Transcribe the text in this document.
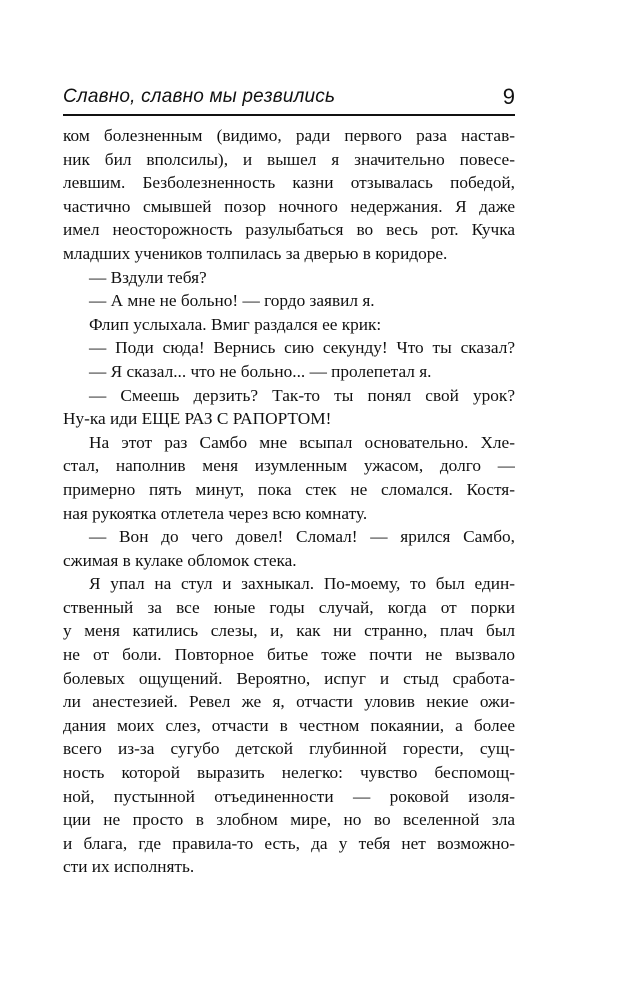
Славно, славно мы резвились	9
ком болезненным (видимо, ради первого раза настав-
ник бил вполсилы), и вышел я значительно повесе-
левшим. Безболезненность казни отзывалась победой,
частично смывшей позор ночного недержания. Я даже
имел неосторожность разулыбаться во весь рот. Кучка
младших учеников толпилась за дверью в коридоре.
— Вздули тебя?
— А мне не больно! — гордо заявил я.
Флип услыхала. Вмиг раздался ее крик:
— Поди сюда! Вернись сию секунду! Что ты сказал?
— Я сказал... что не больно... — пролепетал я.
— Смеешь дерзить? Так-то ты понял свой урок?
Ну-ка иди ЕЩЕ РАЗ С РАПОРТОМ!
На этот раз Самбо мне всыпал основательно. Хле-
стал, наполнив меня изумленным ужасом, долго —
примерно пять минут, пока стек не сломался. Костя-
ная рукоятка отлетела через всю комнату.
— Вон до чего довел! Сломал! — ярился Самбо,
сжимая в кулаке обломок стека.
Я упал на стул и захныкал. По-моему, то был един-
ственный за все юные годы случай, когда от порки
у меня катились слезы, и, как ни странно, плач был
не от боли. Повторное битье тоже почти не вызвало
болевых ощущений. Вероятно, испуг и стыд сработа-
ли анестезией. Ревел же я, отчасти уловив некие ожи-
дания моих слез, отчасти в честном покаянии, а более
всего из-за сугубо детской глубинной горести, сущ-
ность которой выразить нелегко: чувство беспомощ-
ной, пустынной отъединенности — роковой изоля-
ции не просто в злобном мире, но во вселенной зла
и блага, где правила-то есть, да у тебя нет возможно-
сти их исполнять.
